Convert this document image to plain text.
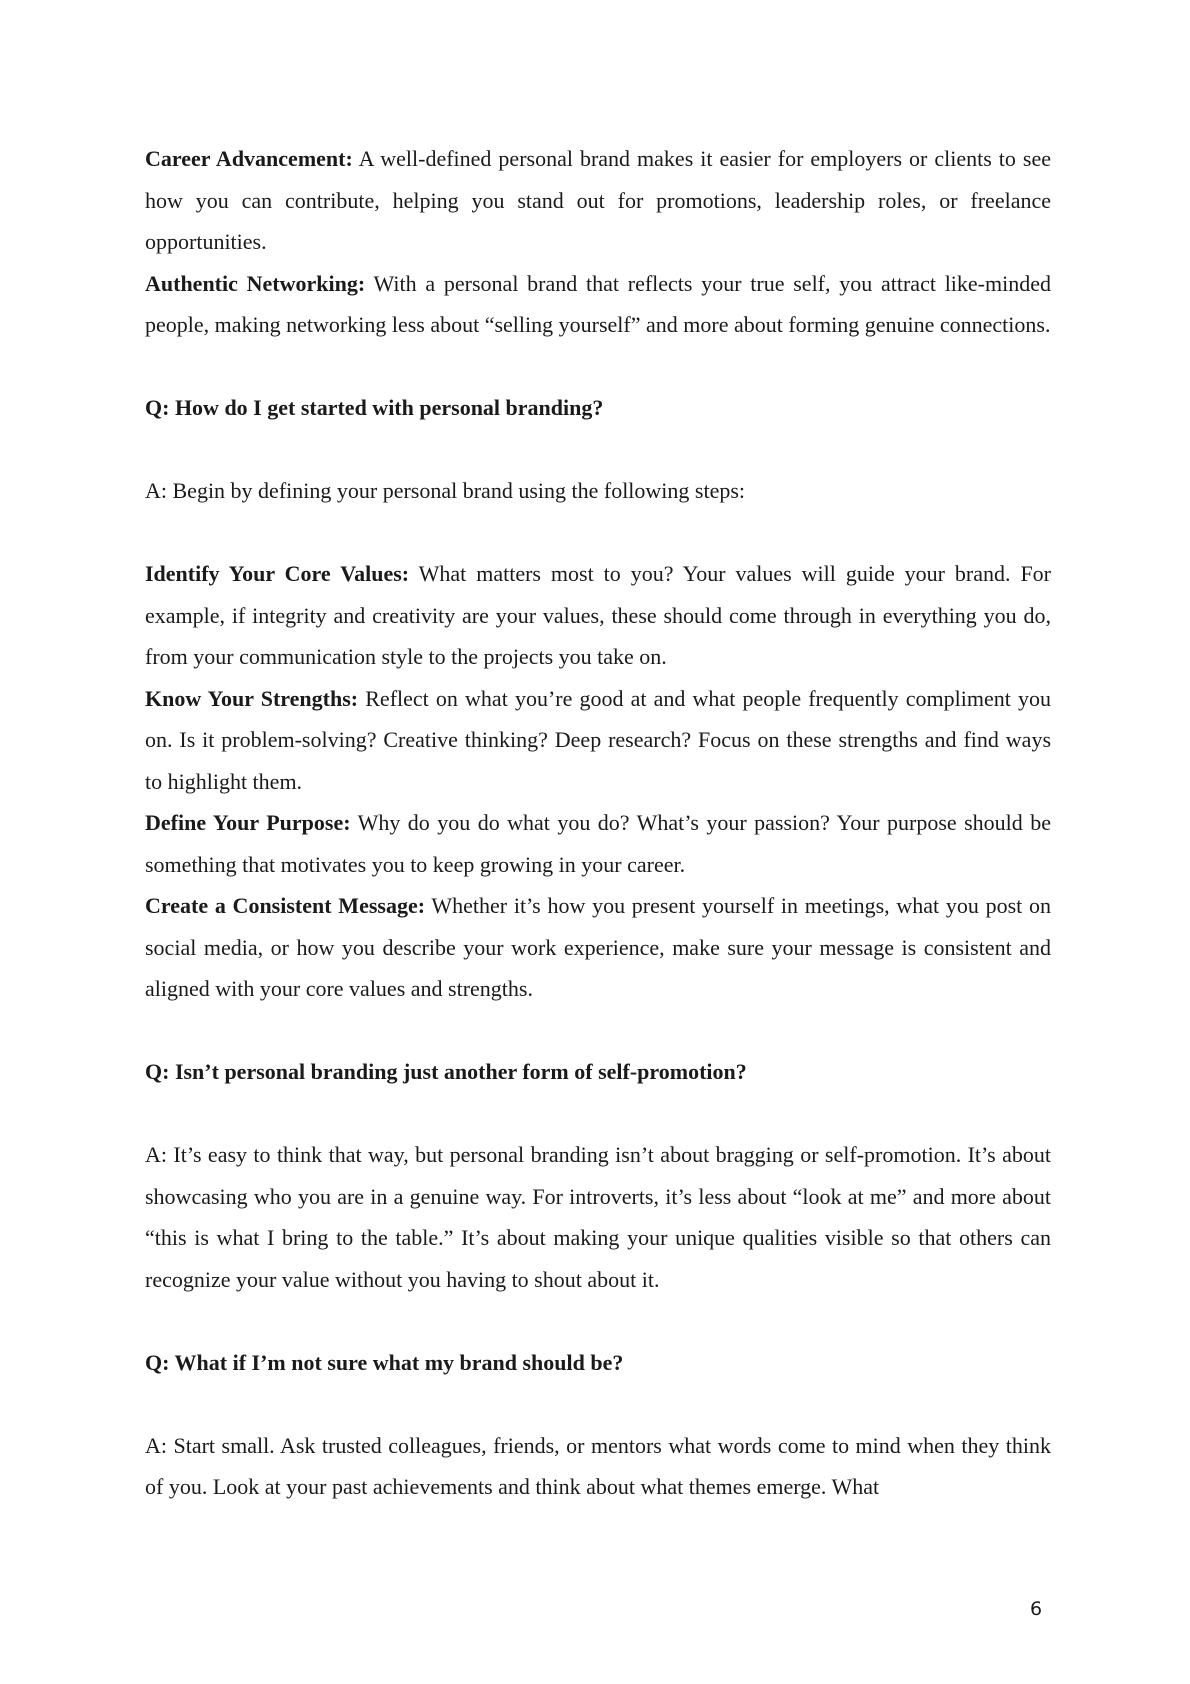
Career Advancement: A well-defined personal brand makes it easier for employers or clients to see how you can contribute, helping you stand out for promotions, leadership roles, or freelance opportunities.

Authentic Networking: With a personal brand that reflects your true self, you attract like-minded people, making networking less about “selling yourself” and more about forming genuine connections.

Q: How do I get started with personal branding?

A: Begin by defining your personal brand using the following steps:

Identify Your Core Values: What matters most to you? Your values will guide your brand. For example, if integrity and creativity are your values, these should come through in everything you do, from your communication style to the projects you take on.

Know Your Strengths: Reflect on what you’re good at and what people frequently compliment you on. Is it problem-solving? Creative thinking? Deep research? Focus on these strengths and find ways to highlight them.

Define Your Purpose: Why do you do what you do? What’s your passion? Your purpose should be something that motivates you to keep growing in your career.

Create a Consistent Message: Whether it’s how you present yourself in meetings, what you post on social media, or how you describe your work experience, make sure your message is consistent and aligned with your core values and strengths.

Q: Isn’t personal branding just another form of self-promotion?

A: It’s easy to think that way, but personal branding isn’t about bragging or self-promotion. It’s about showcasing who you are in a genuine way. For introverts, it’s less about “look at me” and more about “this is what I bring to the table.” It’s about making your unique qualities visible so that others can recognize your value without you having to shout about it.

Q: What if I’m not sure what my brand should be?

A: Start small. Ask trusted colleagues, friends, or mentors what words come to mind when they think of you. Look at your past achievements and think about what themes emerge. What

6
